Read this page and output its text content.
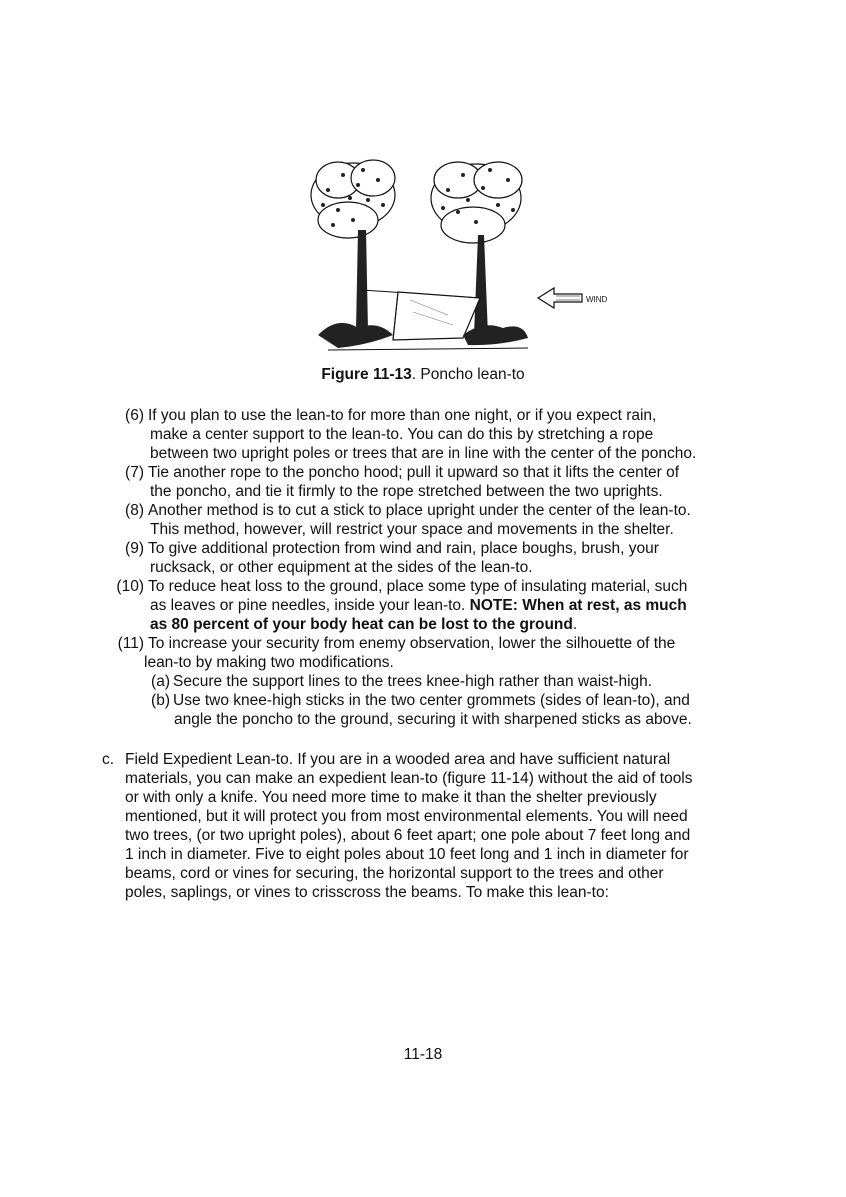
WIND
Figure 11-13. Poncho lean-to
(6) If you plan to use the lean-to for more than one night, or if you expect rain,
make a center support to the lean-to. You can do this by stretching a rope
between two upright poles or trees that are in line with the center of the poncho.
(7) Tie another rope to the poncho hood; pull it upward so that it lifts the center of
the poncho, and tie it firmly to the rope stretched between the two uprights.
(8) Another method is to cut a stick to place upright under the center of the lean-to.
This method, however, will restrict your space and movements in the shelter.
(9) To give additional protection from wind and rain, place boughs, brush, your
rucksack, or other equipment at the sides of the lean-to.
(10) To reduce heat loss to the ground, place some type of insulating material, such
as leaves or pine needles, inside your lean-to. NOTE: When at rest, as much
as 80 percent of your body heat can be lost to the ground.
(11) To increase your security from enemy observation, lower the silhouette of the
lean-to by making two modifications.
(a) Secure the support lines to the trees knee-high rather than waist-high.
(b) Use two knee-high sticks in the two center grommets (sides of lean-to), and
angle the poncho to the ground, securing it with sharpened sticks as above.
c. Field Expedient Lean-to. If you are in a wooded area and have sufficient natural
materials, you can make an expedient lean-to (figure 11-14) without the aid of tools
or with only a knife. You need more time to make it than the shelter previously
mentioned, but it will protect you from most environmental elements. You will need
two trees, (or two upright poles), about 6 feet apart; one pole about 7 feet long and
1 inch in diameter. Five to eight poles about 10 feet long and 1 inch in diameter for
beams, cord or vines for securing, the horizontal support to the trees and other
poles, saplings, or vines to crisscross the beams. To make this lean-to:
11-18
